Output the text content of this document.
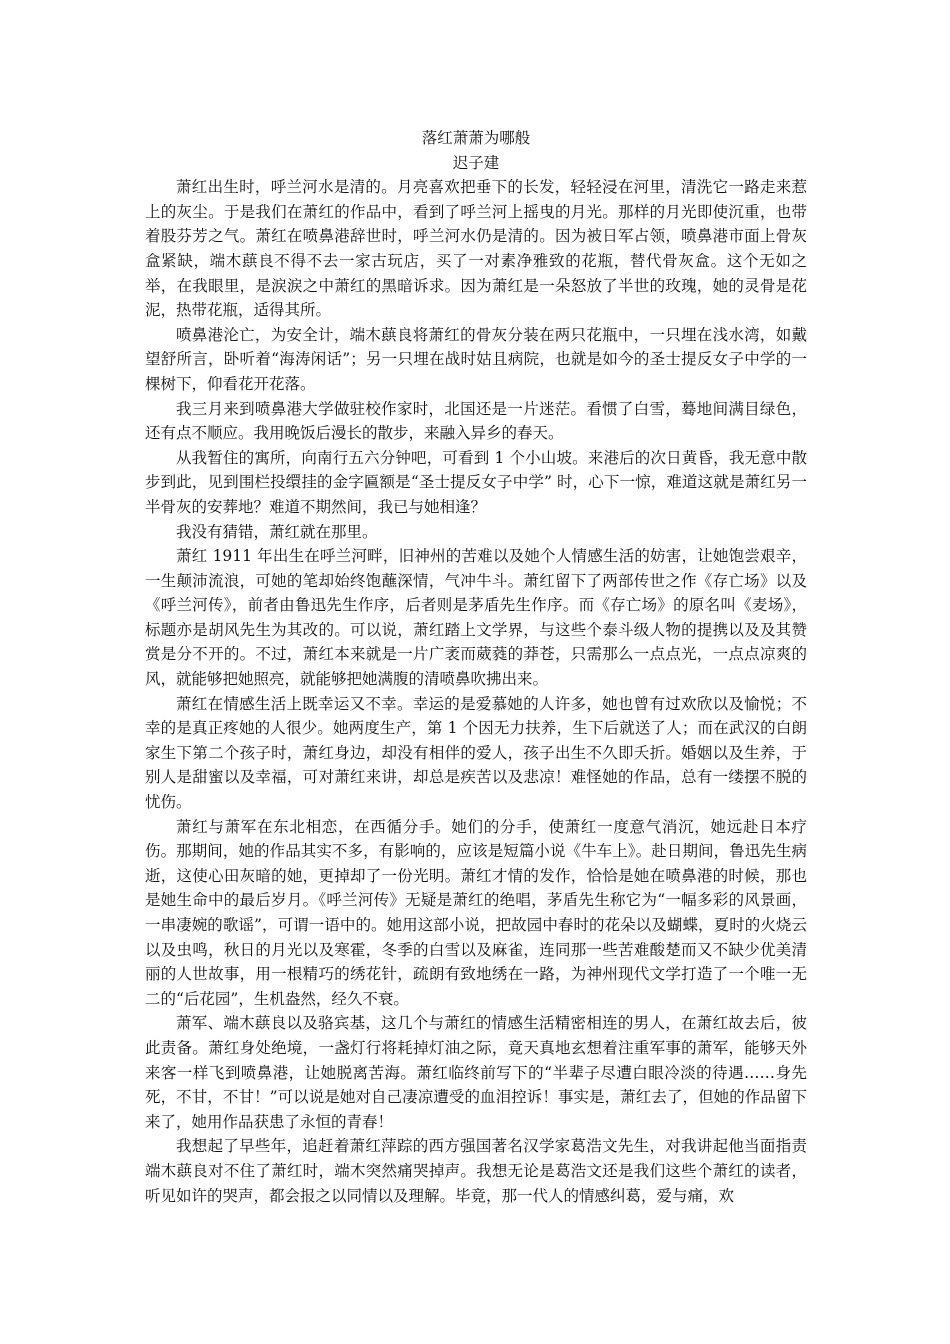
落红萧萧为哪般

迟子建

萧红出生时，呼兰河水是清的。月亮喜欢把垂下的长发，轻轻浸在河里，清洗它一路走来惹上的灰尘。于是我们在萧红的作品中，看到了呼兰河上摇曳的月光。那样的月光即使沉重，也带着股芬芳之气。萧红在喷鼻港辞世时，呼兰河水仍是清的。因为被日军占领，喷鼻港市面上骨灰盒紧缺，端木蕻良不得不去一家古玩店，买了一对素净雅致的花瓶，替代骨灰盒。这个无如之举，在我眼里，是涙涙之中萧红的黑暗诉求。因为萧红是一朵怒放了半世的玫瑰，她的灵骨是花泥，热带花瓶，适得其所。

喷鼻港沦亡，为安全计，端木蕻良将萧红的骨灰分装在两只花瓶中，一只埋在浅水湾，如戴望舒所言，卧听着“海涛闲话”；另一只埋在战时姑且病院，也就是如今的圣士提反女子中学的一棵树下，仰看花开花落。

我三月来到喷鼻港大学做驻校作家时，北国还是一片迷茫。看惯了白雪，蓦地间满目绿色，还有点不顺应。我用晚饭后漫长的散步，来融入异乡的春天。

从我暂住的寓所，向南行五六分钟吧，可看到 1 个小山坡。来港后的次日黄昏，我无意中散步到此，见到围栏投缳挂的金字匾额是“圣士提反女子中学” 时，心下一惊，难道这就是萧红另一半骨灰的安葬地？难道不期然间，我已与她相逢？

我没有猜错，萧红就在那里。

萧红 1911 年出生在呼兰河畔，旧神州的苦难以及她个人情感生活的妨害，让她饱尝艰辛，一生颠沛流浪，可她的笔却始终饱蘸深情，气冲牛斗。萧红留下了两部传世之作《存亡场》以及《呼兰河传》，前者由鲁迅先生作序，后者则是茅盾先生作序。而《存亡场》的原名叫《麦场》，标题亦是胡风先生为其改的。可以说，萧红踏上文学界，与这些个泰斗级人物的提携以及及其赞赏是分不开的。不过，萧红本来就是一片广袤而葳蕤的莽苍，只需那么一点点光，一点点凉爽的风，就能够把她照亮，就能够把她满腹的清喷鼻吹拂出来。

萧红在情感生活上既幸运又不幸。幸运的是爱慕她的人许多，她也曾有过欢欣以及愉悦；不幸的是真正疼她的人很少。她两度生产，第 1 个因无力扶养，生下后就送了人；而在武汉的白朗家生下第二个孩子时，萧红身边，却没有相伴的爱人，孩子出生不久即夭折。婚姻以及生养，于别人是甜蜜以及幸福，可对萧红来讲，却总是疾苦以及悲凉！难怪她的作品，总有一缕摆不脱的忧伤。

萧红与萧军在东北相恋，在西循分手。她们的分手，使萧红一度意气消沉，她远赴日本疗伤。那期间，她的作品其实不多，有影响的，应该是短篇小说《牛车上》。赴日期间，鲁迅先生病逝，这使心田灰暗的她，更掉却了一份光明。萧红才情的发作，恰恰是她在喷鼻港的时候，那也是她生命中的最后岁月。《呼兰河传》无疑是萧红的绝唱，茅盾先生称它为“一幅多彩的风景画，一串凄婉的歌谣”，可谓一语中的。她用这部小说，把故园中春时的花朵以及蝴蝶，夏时的火烧云以及虫鸣，秋日的月光以及寒霍，冬季的白雪以及麻雀，连同那一些苦难酸楚而又不缺少优美清丽的人世故事，用一根精巧的绣花针，疏朗有致地绣在一路，为神州现代文学打造了一个唯一无二的“后花园”，生机盎然，经久不衰。

萧军、端木蕻良以及骆宾基，这几个与萧红的情感生活精密相连的男人，在萧红故去后，彼此责备。萧红身处绝境，一盏灯行将耗掉灯油之际，竟天真地玄想着注重军事的萧军，能够天外来客一样飞到喷鼻港，让她脱离苦海。萧红临终前写下的“半辈子尽遭白眼冷淡的待遇……身先死，不甘，不甘！”可以说是她对自己凄凉遭受的血泪控诉！事实是，萧红去了，但她的作品留下来了，她用作品获患了永恒的青春！

我想起了早些年，追赶着萧红萍踪的西方强国著名汉学家葛浩文先生，对我讲起他当面指责端木蕻良对不住了萧红时，端木突然痛哭掉声。我想无论是葛浩文还是我们这些个萧红的读者，听见如许的哭声，都会报之以同情以及理解。毕竟，那一代人的情感纠葛，爱与痛，欢
